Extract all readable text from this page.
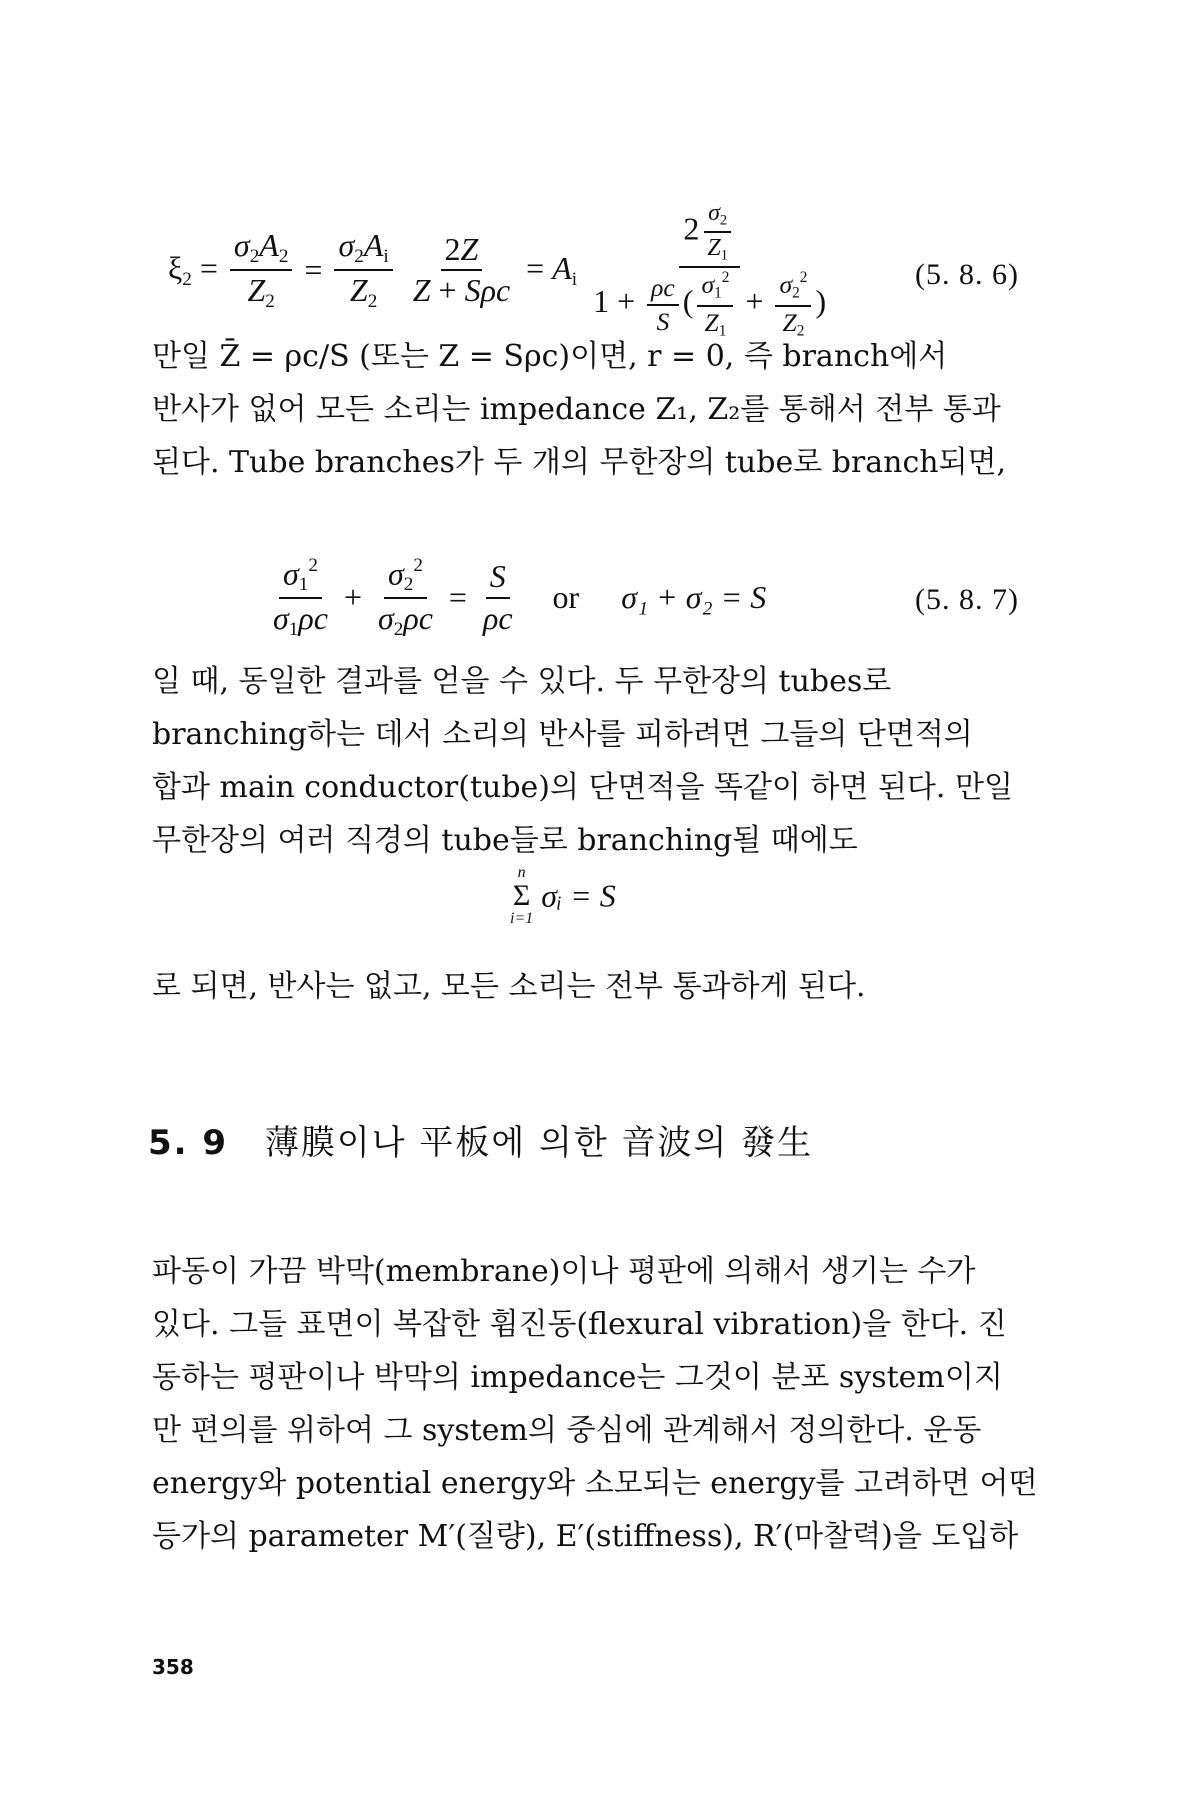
$\xi_2 = \frac{\sigma_2A_2}{Z_2} = \frac{\sigma_2A_i}{Z_2}$
$\frac{2Z}{\text{Z + Sρc}} = A_i \frac{2 \frac{\sigma_2}{Z_1}}{1 + \frac{\rho c}{S} ( \frac{\sigma_1^2}{Z_1} + \frac{\sigma_2^2}{Z_2} )}$	(5. 8. 6)
만일 Z̄ = ρc/S (또는 Z = Sρc)이면, r = 0, 즉 branch에서
반사가 없어 모든 소리는 impedance Z₁, Z₂를 통해서 전부 통과
된다. Tube branches가 두 개의 무한장의 tube로 branch되면,
$\frac{\sigma_1^2}{\sigma_1\rho c} + \frac{\sigma_2^2}{\sigma_2\rho c} = \frac{S}{\rho c}$ or σ₁ + σ₂ = S	(5. 8. 7)
일 때, 동일한 결과를 얻을 수 있다. 두 무한장의 tubes로
branching하는 데서 소리의 반사를 피하려면 그들의 단면적의
합과 main conductor(tube)의 단면적을 똑같이 하면 된다. 만일
무한장의 여러 직경의 tube들로 branching될 때에도
n
Σ
i=1
σᵢ = S
로 되면, 반사는 없고, 모든 소리는 전부 통과하게 된다.
5. 9 薄膜이나 平板에 의한 音波의 發生
파동이 가끔 박막(membrane)이나 평판에 의해서 생기는 수가
있다. 그들 표면이 복잡한 휨진동(flexural vibration)을 한다. 진
동하는 평판이나 박막의 impedance는 그것이 분포 system이지
만 편의를 위하여 그 system의 중심에 관계해서 정의한다. 운동
energy와 potential energy와 소모되는 energy를 고려하면 어떤
등가의 parameter M′(질량), E′(stiffness), R′(마찰력)을 도입하
358
